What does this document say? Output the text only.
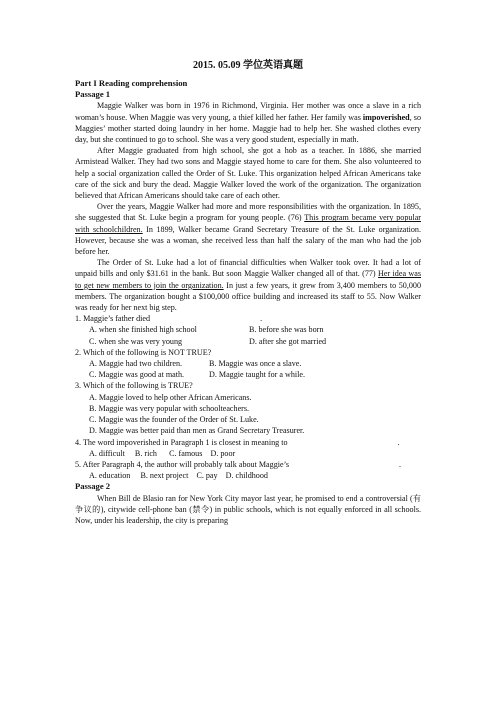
2015. 05.09 学位英语真题
Part I Reading comprehension
Passage 1

Maggie Walker was born in 1976 in Richmond, Virginia. Her mother was once a slave in a rich woman’s house. When Maggie was very young, a thief killed her father. Her family was impoverished, so Maggies’ mother started doing laundry in her home. Maggie had to help her. She washed clothes every day, but she continued to go to school. She was a very good student, especially in math.

After Maggie graduated from high school, she got a hob as a teacher. In 1886, she married Armistead Walker. They had two sons and Maggie stayed home to care for them. She also volunteered to help a social organization called the Order of St. Luke. This organization helped African Americans take care of the sick and bury the dead. Maggie Walker loved the work of the organization. The organization believed that African Americans should take care of each other.

Over the years, Maggie Walker had more and more responsibilities with the organization. In 1895, she suggested that St. Luke begin a program for young people. (76) This program became very popular with schoolchildren. In 1899, Walker became Grand Secretary Treasure of the St. Luke organization. However, because she was a woman, she received less than half the salary of the man who had the job before her.

The Order of St. Luke had a lot of financial difficulties when Walker took over. It had a lot of unpaid bills and only $31.61 in the bank. But soon Maggie Walker changed all of that. (77) Her idea was to get new members to join the organization. In just a few years, it grew from 3,400 members to 50,000 members. The organization bought a $100,000 office building and increased its staff to 55. Now Walker was ready for her next big step.

1. Maggie’s father died	.
A. when she finished high school	B. before she was born
C. when she was very young	D. after she got married
2. Which of the following is NOT TRUE?
A. Maggie had two children.	B. Maggie was once a slave.
C. Maggie was good at math.	D. Maggie taught for a while.
3. Which of the following is TRUE?
A. Maggie loved to help other African Americans.
B. Maggie was very popular with schoolteachers.
C. Maggie was the founder of the Order of St. Luke.
D. Maggie was better paid than men as Grand Secretary Treasurer.
4. The word impoverished in Paragraph 1 is closest in meaning to	.
A. difficult     B. rich      C. famous    D. poor
5. After Paragraph 4, the author will probably talk about Maggie’s	.
A. education     B. next project    C. pay    D. childhood
Passage 2

When Bill de Blasio ran for New York City mayor last year, he promised to end a controversial (有争议的), citywide cell-phone ban (禁令) in public schools, which is not equally enforced in all schools. Now, under his leadership, the city is preparing
